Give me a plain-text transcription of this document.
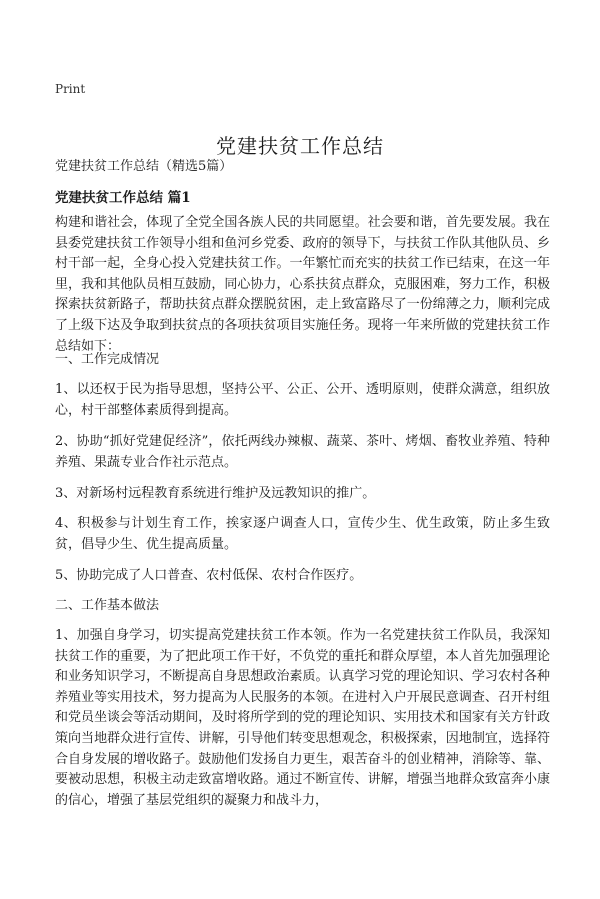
Print
党建扶贫工作总结
党建扶贫工作总结（精选5篇）
党建扶贫工作总结 篇1

构建和谐社会，体现了全党全国各族人民的共同愿望。社会要和谐，首先要发展。我在县委党建扶贫工作领导小组和鱼河乡党委、政府的领导下，与扶贫工作队其他队员、乡村干部一起，全身心投入党建扶贫工作。一年繁忙而充实的扶贫工作已结束，在这一年里，我和其他队员相互鼓励，同心协力，心系扶贫点群众，克服困难，努力工作，积极探索扶贫新路子，帮助扶贫点群众摆脱贫困，走上致富路尽了一份绵薄之力，顺利完成了上级下达及争取到扶贫点的各项扶贫项目实施任务。现将一年来所做的党建扶贫工作总结如下：

一、工作完成情况

1、以还权于民为指导思想，坚持公平、公正、公开、透明原则，使群众满意，组织放心，村干部整体素质得到提高。

2、协助“抓好党建促经济”，依托两线办辣椒、蔬菜、茶叶、烤烟、畜牧业养殖、特种养殖、果蔬专业合作社示范点。

3、对新场村远程教育系统进行维护及远教知识的推广。

4、积极参与计划生育工作，挨家逐户调查人口，宣传少生、优生政策，防止多生致贫，倡导少生、优生提高质量。

5、协助完成了人口普查、农村低保、农村合作医疗。

二、工作基本做法

1、加强自身学习，切实提高党建扶贫工作本领。作为一名党建扶贫工作队员，我深知扶贫工作的重要，为了把此项工作干好，不负党的重托和群众厚望，本人首先加强理论和业务知识学习，不断提高自身思想政治素质。认真学习党的理论知识、学习农村各种养殖业等实用技术，努力提高为人民服务的本领。在进村入户开展民意调查、召开村组和党员坐谈会等活动期间，及时将所学到的党的理论知识、实用技术和国家有关方针政策向当地群众进行宣传、讲解，引导他们转变思想观念，积极探索，因地制宜，选择符合自身发展的增收路子。鼓励他们发扬自力更生，艰苦奋斗的创业精神，消除等、靠、要被动思想，积极主动走致富增收路。通过不断宣传、讲解，增强当地群众致富奔小康的信心，增强了基层党组织的凝聚力和战斗力，
